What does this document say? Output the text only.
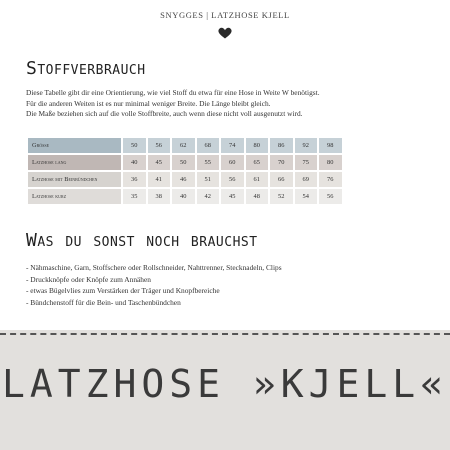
SNYGGES | LATZHOSE KJELL
Stoffverbrauch
Diese Tabelle gibt dir eine Orientierung, wie viel Stoff du etwa für eine Hose in Weite W benötigst.
Für die anderen Weiten ist es nur minimal weniger Breite. Die Länge bleibt gleich.
Die Maße beziehen sich auf die volle Stoffbreite, auch wenn diese nicht voll ausgenutzt wird.
Größe	50	56	62	68	74	80	86	92	98
Latzhose lang	40	45	50	55	60	65	70	75	80
Latzhose mit Beinbündchen	36	41	46	51	56	61	66	69	76
Latzhose kurz	35	38	40	42	45	48	52	54	56
Was du sonst noch brauchst
- Nähmaschine, Garn, Stoffschere oder Rollschneider, Nahttrenner, Stecknadeln, Clips
- Druckknöpfe oder Knöpfe zum Annähen
- etwas Bügelvlies zum Verstärken der Träger und Knopfbereiche
- Bündchenstoff für die Bein- und Taschenbündchen
LATZHOSE »KJELL«
